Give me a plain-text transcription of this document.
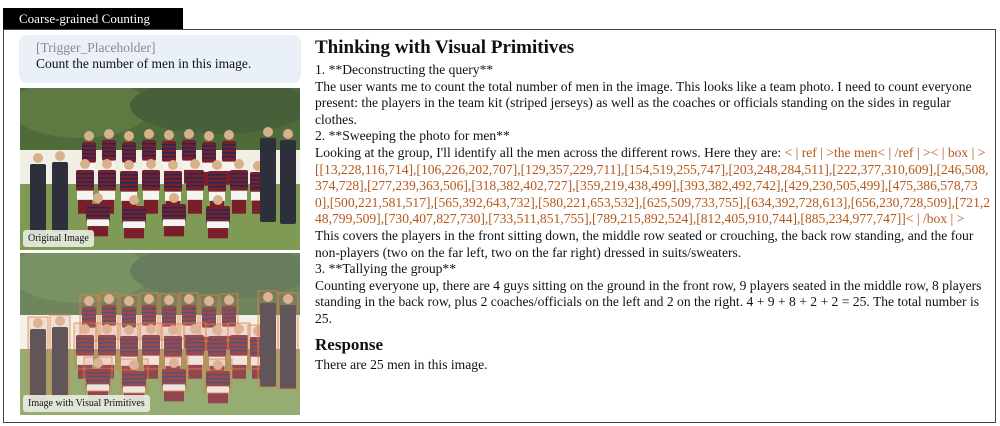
Coarse-grained Counting
[Trigger_Placeholder]
Count the number of men in this image.
Original Image
Image with Visual Primitives
Thinking with Visual Primitives
1. **Deconstructing the query**
The user wants me to count the total number of men in the image. This looks like a team photo. I need to count everyone present: the players in the team kit (striped jerseys) as well as the coaches or officials standing on the sides in regular clothes.
2. **Sweeping the photo for men**
Looking at the group, I'll identify all the men across the different rows. Here they are: < | ref | >the men< | /ref | >< | box | >[[13,228,116,714],[106,226,202,707],[129,357,229,711],[154,519,255,747],[203,248,284,511],[222,377,310,609],[246,508,374,728],[277,239,363,506],[318,382,402,727],[359,219,438,499],[393,382,492,742],[429,230,505,499],[475,386,578,730],[500,221,581,517],[565,392,643,732],[580,221,653,532],[625,509,733,755],[634,392,728,613],[656,230,728,509],[721,248,799,509],[730,407,827,730],[733,511,851,755],[789,215,892,524],[812,405,910,744],[885,234,977,747]]< | /box | > This covers the players in the front sitting down, the middle row seated or crouching, the back row standing, and the four non-players (two on the far left, two on the far right) dressed in suits/sweaters.
3. **Tallying the group**
Counting everyone up, there are 4 guys sitting on the ground in the front row, 9 players seated in the middle row, 8 players standing in the back row, plus 2 coaches/officials on the left and 2 on the right. 4 + 9 + 8 + 2 + 2 = 25. The total number is 25.
Response
There are 25 men in this image.
